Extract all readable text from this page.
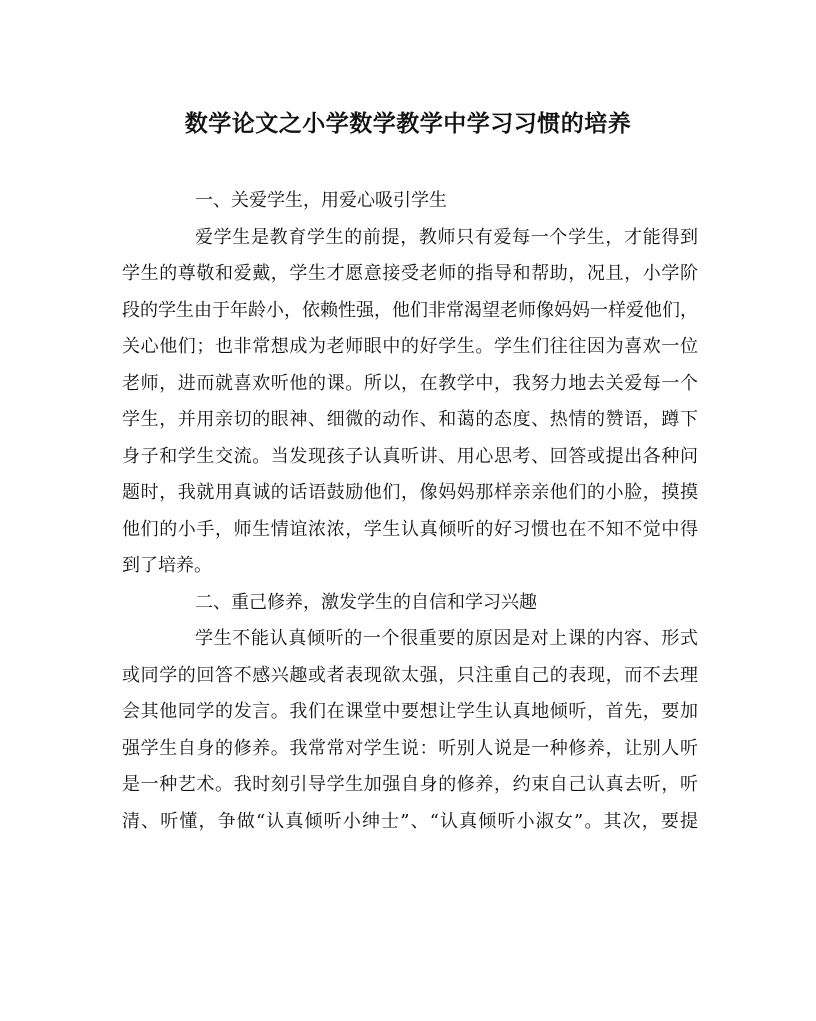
数学论文之小学数学教学中学习习惯的培养
一、关爱学生，用爱心吸引学生
爱学生是教育学生的前提，教师只有爱每一个学生，才能得到
学生的尊敬和爱戴，学生才愿意接受老师的指导和帮助，况且，小学阶
段的学生由于年龄小，依赖性强，他们非常渴望老师像妈妈一样爱他们，
关心他们；也非常想成为老师眼中的好学生。学生们往往因为喜欢一位
老师，进而就喜欢听他的课。所以，在教学中，我努力地去关爱每一个
学生，并用亲切的眼神、细微的动作、和蔼的态度、热情的赞语，蹲下
身子和学生交流。当发现孩子认真听讲、用心思考、回答或提出各种问
题时，我就用真诚的话语鼓励他们，像妈妈那样亲亲他们的小脸，摸摸
他们的小手，师生情谊浓浓，学生认真倾听的好习惯也在不知不觉中得
到了培养。
二、重己修养，激发学生的自信和学习兴趣
学生不能认真倾听的一个很重要的原因是对上课的内容、形式
或同学的回答不感兴趣或者表现欲太强，只注重自己的表现，而不去理
会其他同学的发言。我们在课堂中要想让学生认真地倾听，首先，要加
强学生自身的修养。我常常对学生说：听别人说是一种修养，让别人听
是一种艺术。我时刻引导学生加强自身的修养，约束自己认真去听，听
清、听懂，争做“认真倾听小绅士”、“认真倾听小淑女”。其次，要提
